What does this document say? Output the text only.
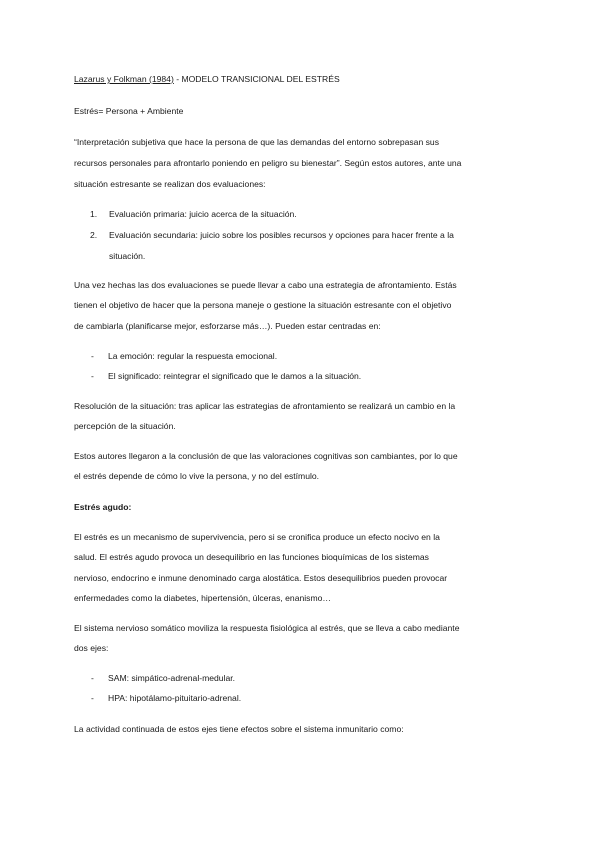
Lazarus y Folkman (1984) - MODELO TRANSICIONAL DEL ESTRÉS
Estrés= Persona + Ambiente
“Interpretación subjetiva que hace la persona de que las demandas del entorno sobrepasan sus
recursos personales para afrontarlo poniendo en peligro su bienestar”. Según estos autores, ante una
situación estresante se realizan dos evaluaciones:
1. Evaluación primaria: juicio acerca de la situación.
2. Evaluación secundaria: juicio sobre los posibles recursos y opciones para hacer frente a la
situación.
Una vez hechas las dos evaluaciones se puede llevar a cabo una estrategia de afrontamiento. Estás
tienen el objetivo de hacer que la persona maneje o gestione la situación estresante con el objetivo
de cambiarla (planificarse mejor, esforzarse más…). Pueden estar centradas en:
- La emoción: regular la respuesta emocional.
- El significado: reintegrar el significado que le damos a la situación.
Resolución de la situación: tras aplicar las estrategias de afrontamiento se realizará un cambio en la
percepción de la situación.
Estos autores llegaron a la conclusión de que las valoraciones cognitivas son cambiantes, por lo que
el estrés depende de cómo lo vive la persona, y no del estímulo.
Estrés agudo:
El estrés es un mecanismo de supervivencia, pero si se cronifica produce un efecto nocivo en la
salud. El estrés agudo provoca un desequilibrio en las funciones bioquímicas de los sistemas
nervioso, endocrino e inmune denominado carga alostática. Estos desequilibrios pueden provocar
enfermedades como la diabetes, hipertensión, úlceras, enanismo…
El sistema nervioso somático moviliza la respuesta fisiológica al estrés, que se lleva a cabo mediante
dos ejes:
- SAM: simpático-adrenal-medular.
- HPA: hipotálamo-pituitario-adrenal.
La actividad continuada de estos ejes tiene efectos sobre el sistema inmunitario como:
